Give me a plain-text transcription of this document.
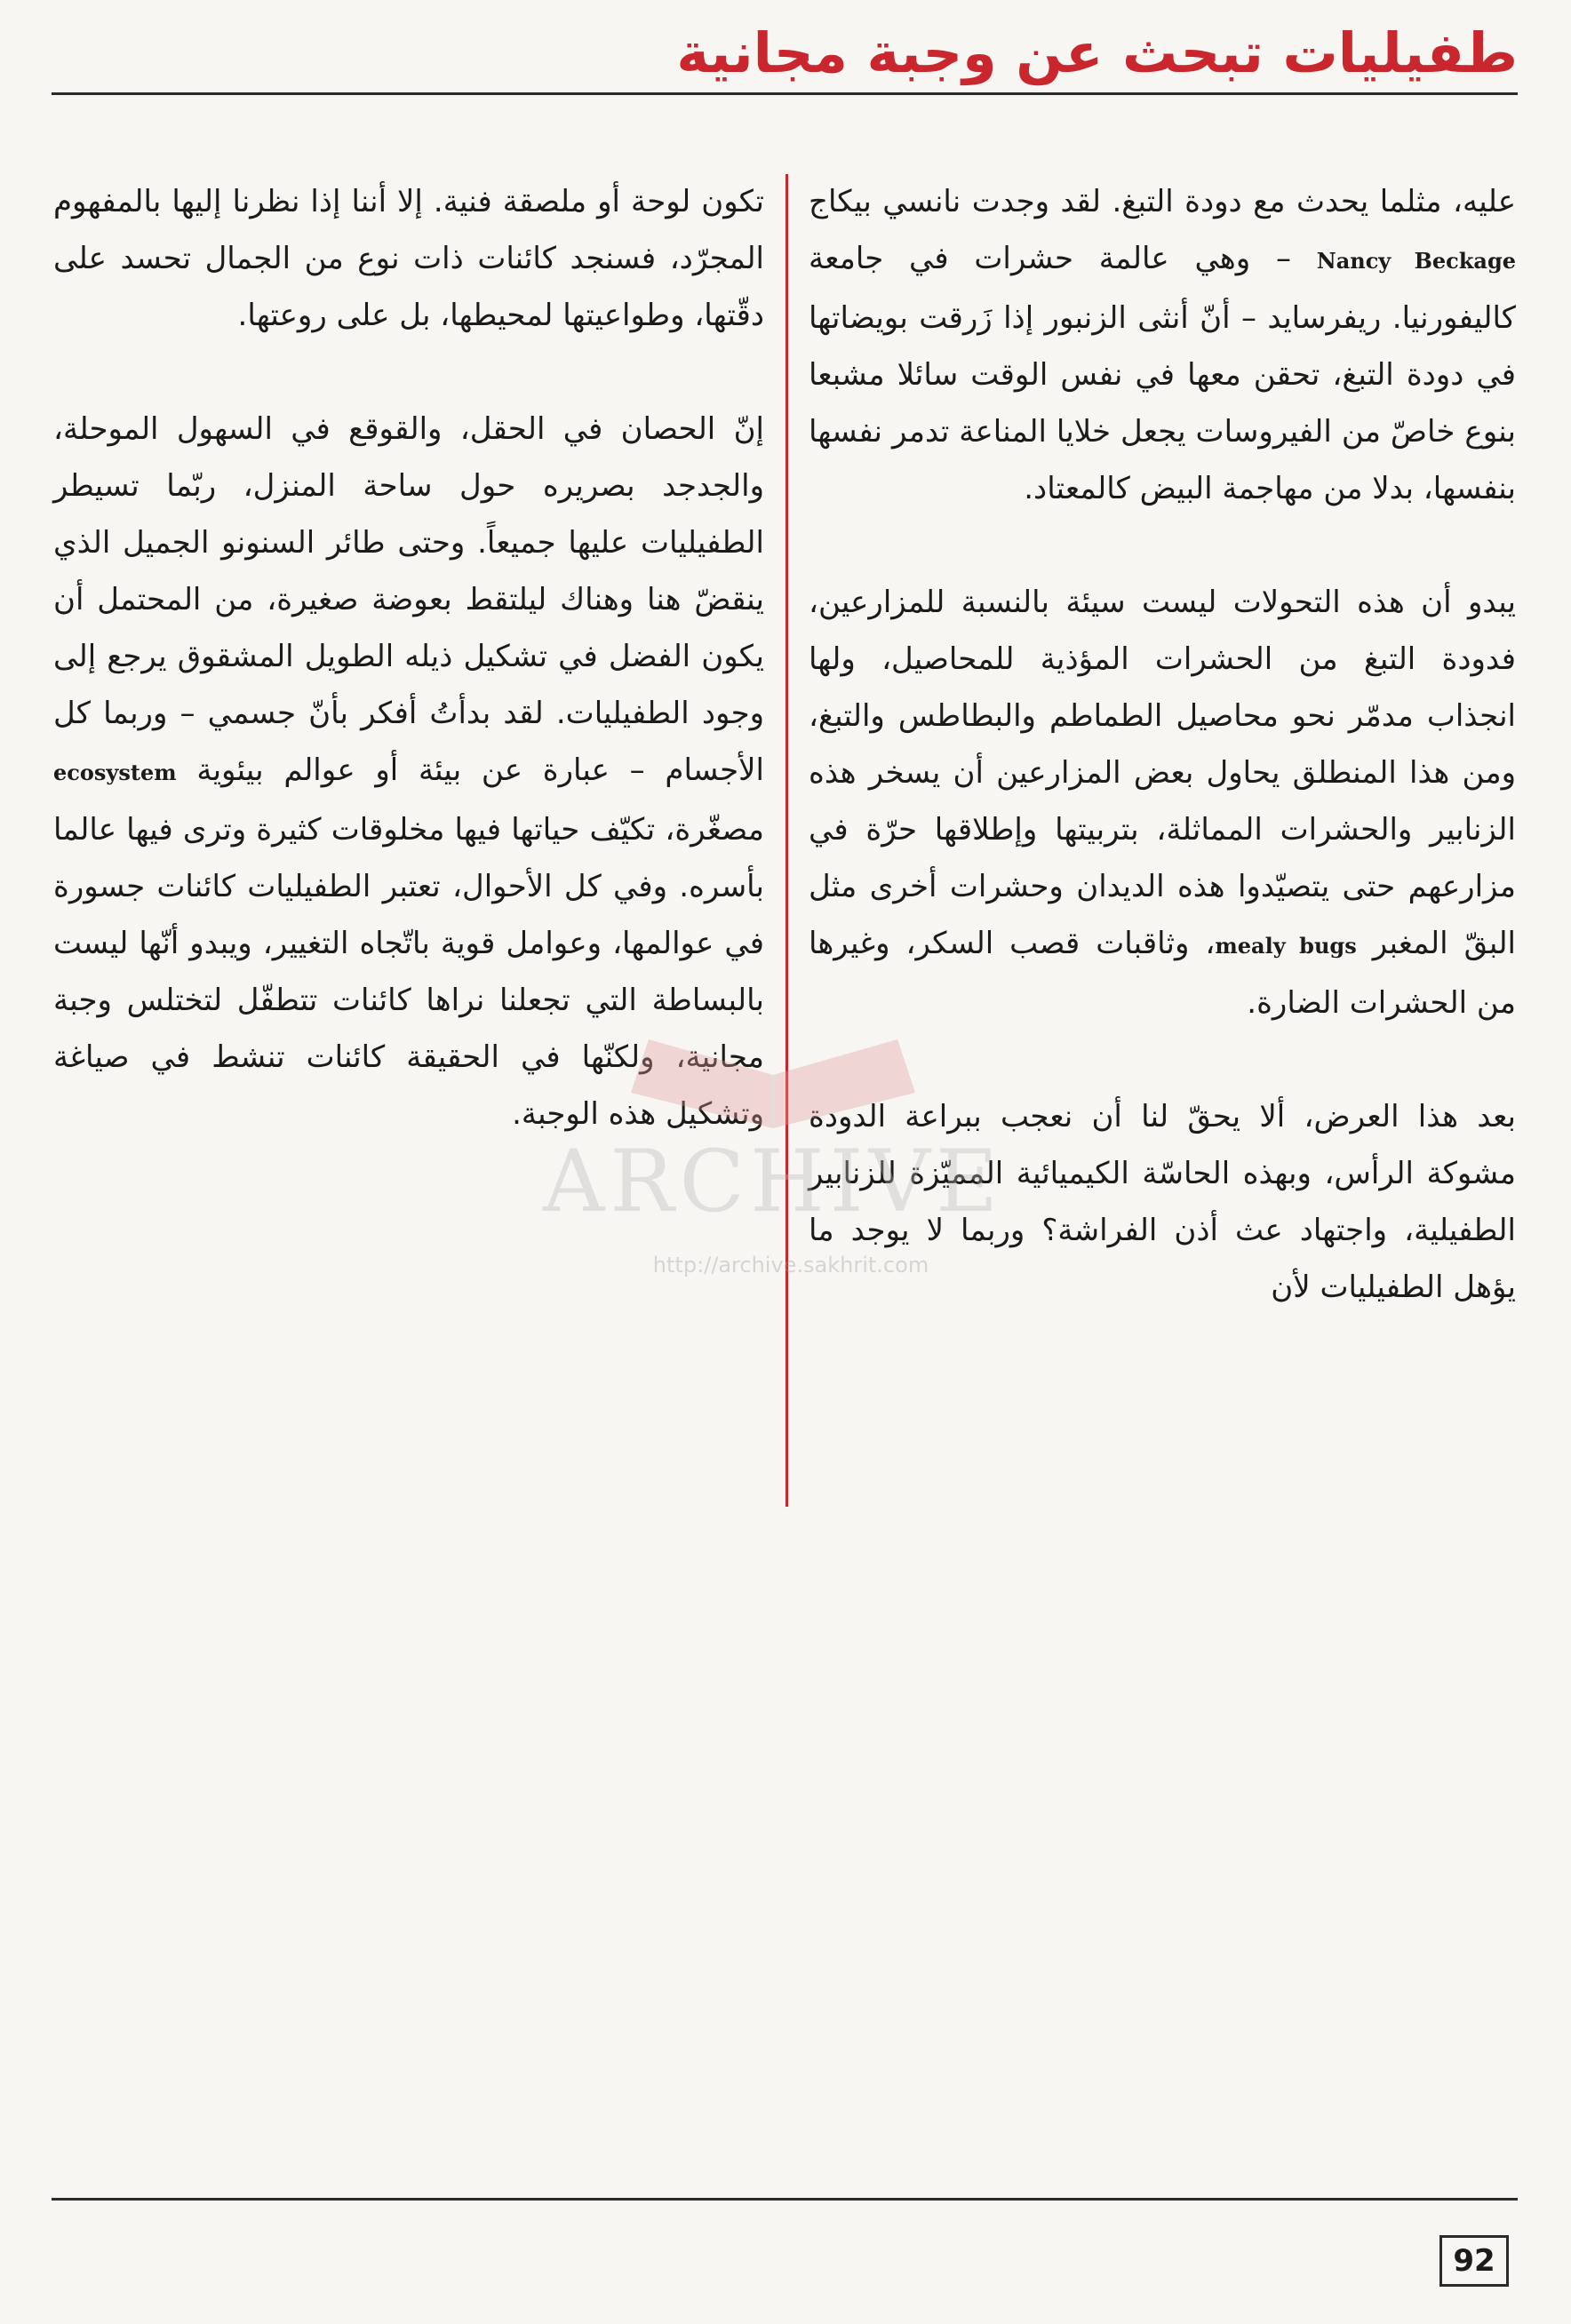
طفيليات تبحث عن وجبة مجانية

عليه، مثلما يحدث مع دودة التبغ. لقد وجدت نانسي بيكاج Nancy Beckage – وهي عالمة حشرات في جامعة كاليفورنيا. ريفرسايد – أنّ أنثى الزنبور إذا زَرقت بويضاتها في دودة التبغ، تحقن معها في نفس الوقت سائلا مشبعا بنوع خاصّ من الفيروسات يجعل خلايا المناعة تدمر نفسها بنفسها، بدلا من مهاجمة البيض كالمعتاد.

يبدو أن هذه التحولات ليست سيئة بالنسبة للمزارعين، فدودة التبغ من الحشرات المؤذية للمحاصيل، ولها انجذاب مدمّر نحو محاصيل الطماطم والبطاطس والتبغ، ومن هذا المنطلق يحاول بعض المزارعين أن يسخر هذه الزنابير والحشرات المماثلة، بتربيتها وإطلاقها حرّة في مزارعهم حتى يتصيّدوا هذه الديدان وحشرات أخرى مثل البقّ المغبر mealy bugs، وثاقبات قصب السكر، وغيرها من الحشرات الضارة.

بعد هذا العرض، ألا يحقّ لنا أن نعجب ببراعة الدودة مشوكة الرأس، وبهذه الحاسّة الكيميائية المميّزة للزنابير الطفيلية، واجتهاد عث أذن الفراشة؟ وربما لا يوجد ما يؤهل الطفيليات لأن

تكون لوحة أو ملصقة فنية. إلا أننا إذا نظرنا إليها بالمفهوم المجرّد، فسنجد كائنات ذات نوع من الجمال تحسد على دقّتها، وطواعيتها لمحيطها، بل على روعتها.

إنّ الحصان في الحقل، والقوقع في السهول الموحلة، والجدجد بصريره حول ساحة المنزل، ربّما تسيطر الطفيليات عليها جميعاً. وحتى طائر السنونو الجميل الذي ينقضّ هنا وهناك ليلتقط بعوضة صغيرة، من المحتمل أن يكون الفضل في تشكيل ذيله الطويل المشقوق يرجع إلى وجود الطفيليات. لقد بدأتُ أفكر بأنّ جسمي – وربما كل الأجسام – عبارة عن بيئة أو عوالم بيئوية ecosystem مصغّرة، تكيّف حياتها فيها مخلوقات كثيرة وترى فيها عالما بأسره. وفي كل الأحوال، تعتبر الطفيليات كائنات جسورة في عوالمها، وعوامل قوية باتّجاه التغيير، ويبدو أنّها ليست بالبساطة التي تجعلنا نراها كائنات تتطفّل لتختلس وجبة مجانية، ولكنّها في الحقيقة كائنات تنشط في صياغة وتشكيل هذه الوجبة.

ARCHIVE
http://archive.sakhrit.com
92
